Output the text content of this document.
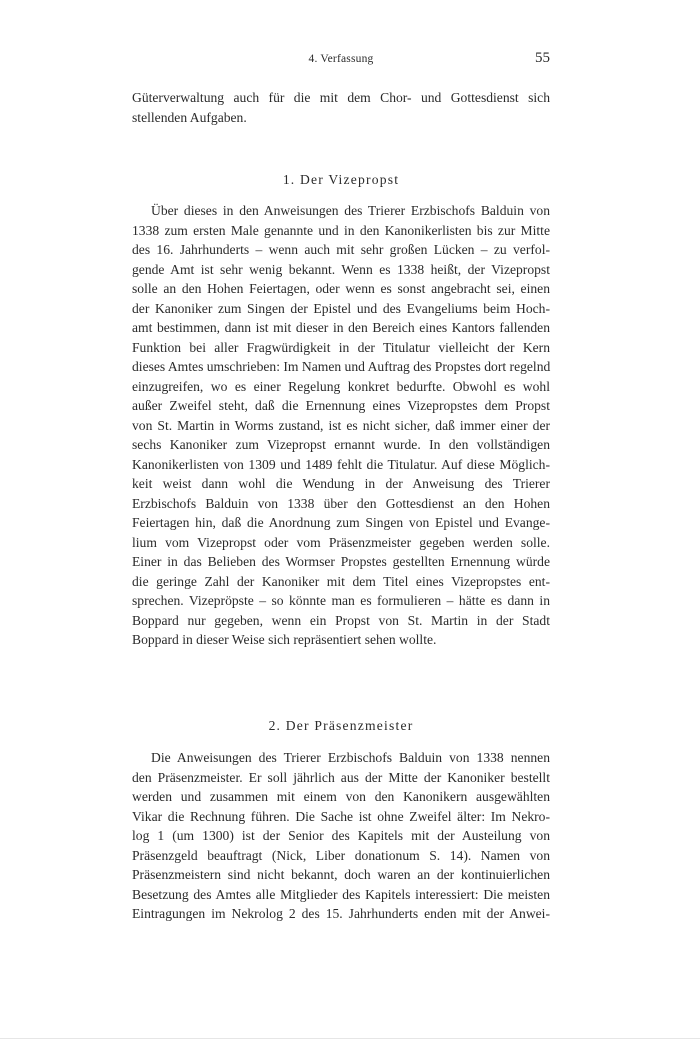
4. Verfassung	55
Güterverwaltung auch für die mit dem Chor- und Gottesdienst sich
stellenden Aufgaben.
1. Der Vizepropst
Über dieses in den Anweisungen des Trierer Erzbischofs Balduin von
1338 zum ersten Male genannte und in den Kanonikerlisten bis zur Mitte
des 16. Jahrhunderts – wenn auch mit sehr großen Lücken – zu verfol-
gende Amt ist sehr wenig bekannt. Wenn es 1338 heißt, der Vizepropst
solle an den Hohen Feiertagen, oder wenn es sonst angebracht sei, einen
der Kanoniker zum Singen der Epistel und des Evangeliums beim Hoch-
amt bestimmen, dann ist mit dieser in den Bereich eines Kantors fallenden
Funktion bei aller Fragwürdigkeit in der Titulatur vielleicht der Kern
dieses Amtes umschrieben: Im Namen und Auftrag des Propstes dort regelnd
einzugreifen, wo es einer Regelung konkret bedurfte. Obwohl es wohl
außer Zweifel steht, daß die Ernennung eines Vizepropstes dem Propst
von St. Martin in Worms zustand, ist es nicht sicher, daß immer einer der
sechs Kanoniker zum Vizepropst ernannt wurde. In den vollständigen
Kanonikerlisten von 1309 und 1489 fehlt die Titulatur. Auf diese Möglich-
keit weist dann wohl die Wendung in der Anweisung des Trierer
Erzbischofs Balduin von 1338 über den Gottesdienst an den Hohen
Feiertagen hin, daß die Anordnung zum Singen von Epistel und Evange-
lium vom Vizepropst oder vom Präsenzmeister gegeben werden solle.
Einer in das Belieben des Wormser Propstes gestellten Ernennung würde
die geringe Zahl der Kanoniker mit dem Titel eines Vizepropstes ent-
sprechen. Vizepröpste – so könnte man es formulieren – hätte es dann in
Boppard nur gegeben, wenn ein Propst von St. Martin in der Stadt
Boppard in dieser Weise sich repräsentiert sehen wollte.
2. Der Präsenzmeister
Die Anweisungen des Trierer Erzbischofs Balduin von 1338 nennen
den Präsenzmeister. Er soll jährlich aus der Mitte der Kanoniker bestellt
werden und zusammen mit einem von den Kanonikern ausgewählten
Vikar die Rechnung führen. Die Sache ist ohne Zweifel älter: Im Nekro-
log 1 (um 1300) ist der Senior des Kapitels mit der Austeilung von
Präsenzgeld beauftragt (Nick, Liber donationum S. 14). Namen von
Präsenzmeistern sind nicht bekannt, doch waren an der kontinuierlichen
Besetzung des Amtes alle Mitglieder des Kapitels interessiert: Die meisten
Eintragungen im Nekrolog 2 des 15. Jahrhunderts enden mit der Anwei-
